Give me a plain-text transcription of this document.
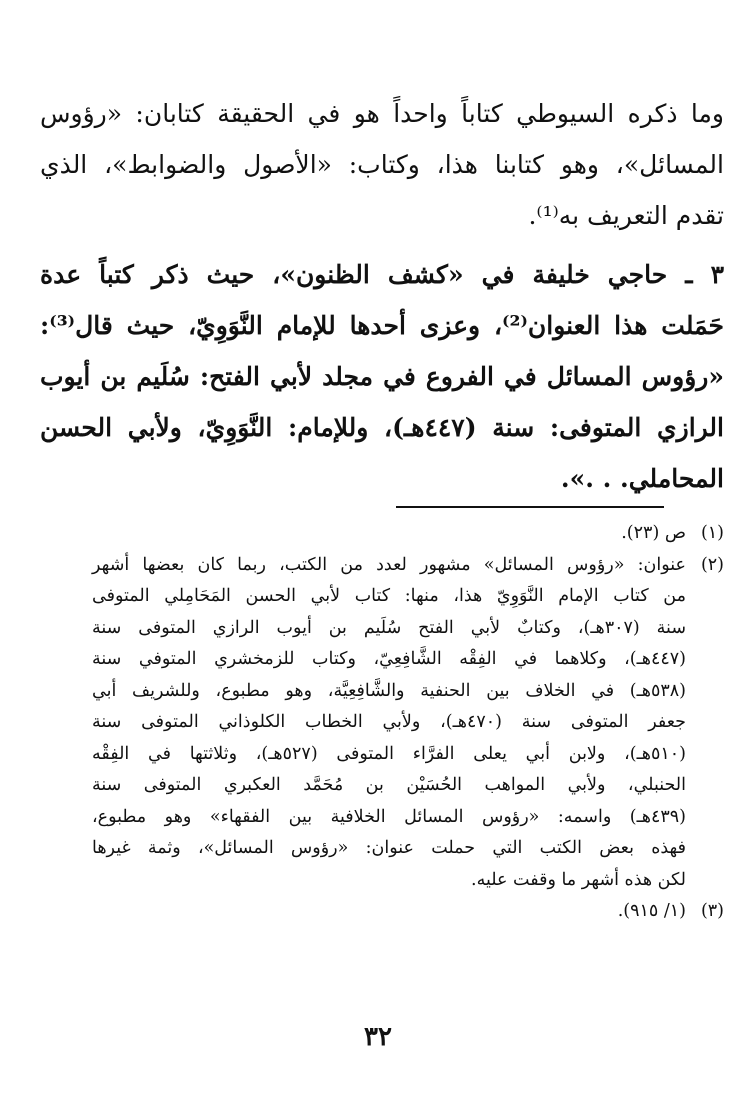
وما ذكره السيوطي كتاباً واحداً هو في الحقيقة كتابان: «رؤوس
المسائل»، وهو كتابنا هذا، وكتاب: «الأصول والضوابط»، الذي
تقدم التعريف به⁽¹⁾.

٣ ـ حاجي خليفة في «كشف الظنون»، حيث ذكر كتباً عدة
حَمَلت هذا العنوان⁽²⁾، وعزى أحدها للإمام النَّوَوِيّ، حيث قال⁽³⁾:
«رؤوس المسائل في الفروع في مجلد لأبي الفتح: سُلَيم بن أيوب
الرازي المتوفى: سنة (٤٤٧هـ)، وللإمام: النَّوَوِيّ، ولأبي الحسن
المحاملي. . .».

(١)
ص (٢٣).
(٢)
عنوان: «رؤوس المسائل» مشهور لعدد من الكتب، ربما كان بعضها أشهر
من كتاب الإمام النَّوَوِيّ هذا، منها: كتاب لأبي الحسن المَحَامِلي المتوفى
سنة (٣٠٧هـ)، وكتابٌ لأبي الفتح سُلَيم بن أيوب الرازي المتوفى سنة
(٤٤٧هـ)، وكلاهما في الفِقْه الشَّافِعِيّ، وكتاب للزمخشري المتوفي سنة
(٥٣٨هـ) في الخلاف بين الحنفية والشَّافِعِيَّة، وهو مطبوع، وللشريف أبي
جعفر المتوفى سنة (٤٧٠هـ)، ولأبي الخطاب الكلوذاني المتوفى سنة
(٥١٠هـ)، ولابن أبي يعلى الفرَّاء المتوفى (٥٢٧هـ)، وثلاثتها في الفِقْه
الحنبلي، ولأبي المواهب الحُسَيْن بن مُحَمَّد العكبري المتوفى سنة
(٤٣٩هـ) واسمه: «رؤوس المسائل الخلافية بين الفقهاء» وهو مطبوع،
فهذه بعض الكتب التي حملت عنوان: «رؤوس المسائل»، وثمة غيرها
لكن هذه أشهر ما وقفت عليه.
(٣)
(١/ ٩١٥).
٣٢
